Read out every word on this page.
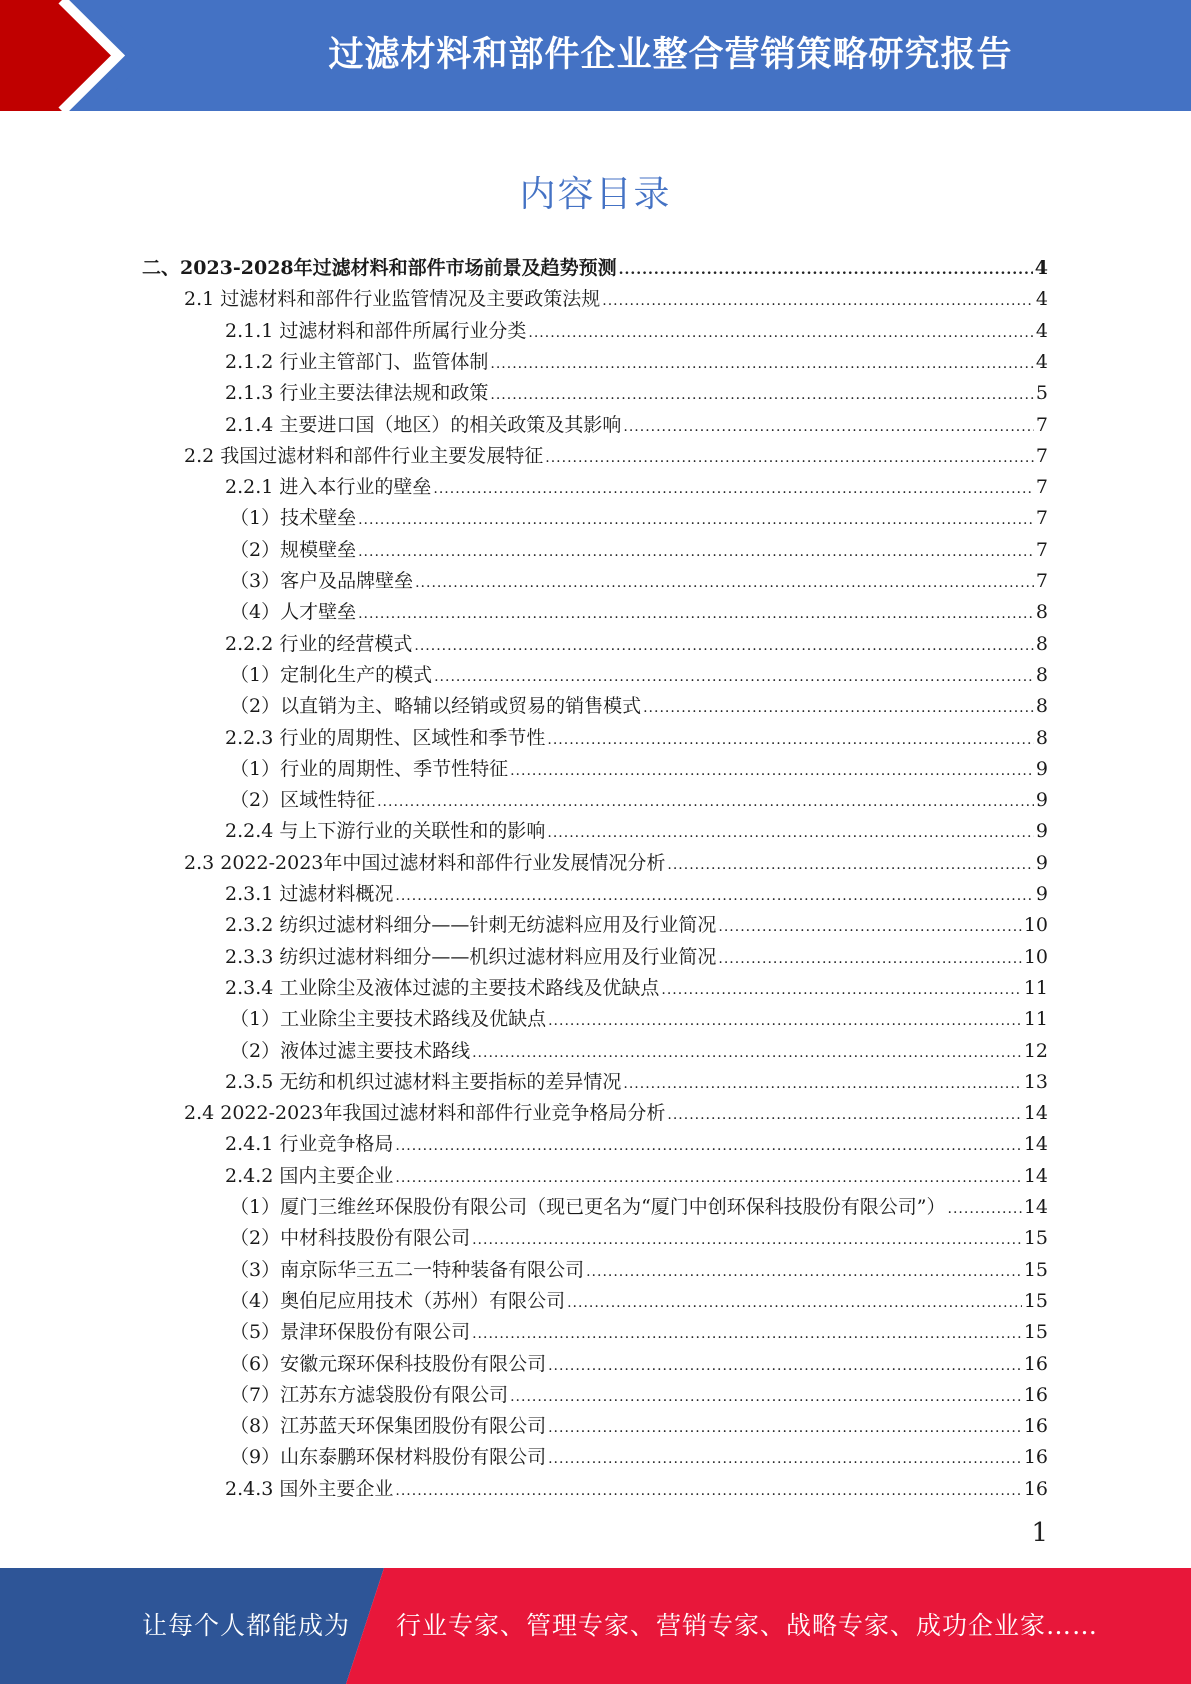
过滤材料和部件企业整合营销策略研究报告
内容目录
二、2023-2028年过滤材料和部件市场前景及趋势预测 .....	4
2.1 过滤材料和部件行业监管情况及主要政策法规 .....	4
2.1.1 过滤材料和部件所属行业分类 .....	4
2.1.2 行业主管部门、监管体制 .....	4
2.1.3 行业主要法律法规和政策 .....	5
2.1.4 主要进口国（地区）的相关政策及其影响 .....	7
2.2 我国过滤材料和部件行业主要发展特征 .....	7
2.2.1 进入本行业的壁垒 .....	7
（1）技术壁垒 .....	7
（2）规模壁垒 .....	7
（3）客户及品牌壁垒 .....	7
（4）人才壁垒 .....	8
2.2.2 行业的经营模式 .....	8
（1）定制化生产的模式 .....	8
（2）以直销为主、略辅以经销或贸易的销售模式 .....	8
2.2.3 行业的周期性、区域性和季节性 .....	8
（1）行业的周期性、季节性特征 .....	9
（2）区域性特征 .....	9
2.2.4 与上下游行业的关联性和的影响 .....	9
2.3 2022-2023年中国过滤材料和部件行业发展情况分析 .....	9
2.3.1 过滤材料概况 .....	9
2.3.2 纺织过滤材料细分——针刺无纺滤料应用及行业简况 .....	10
2.3.3 纺织过滤材料细分——机织过滤材料应用及行业简况 .....	10
2.3.4 工业除尘及液体过滤的主要技术路线及优缺点 .....	11
（1）工业除尘主要技术路线及优缺点 .....	11
（2）液体过滤主要技术路线 .....	12
2.3.5 无纺和机织过滤材料主要指标的差异情况 .....	13
2.4 2022-2023年我国过滤材料和部件行业竞争格局分析 .....	14
2.4.1 行业竞争格局 .....	14
2.4.2 国内主要企业 .....	14
（1）厦门三维丝环保股份有限公司（现已更名为“厦门中创环保科技股份有限公司”） .....	14
（2）中材科技股份有限公司 .....	15
（3）南京际华三五二一特种装备有限公司 .....	15
（4）奥伯尼应用技术（苏州）有限公司 .....	15
（5）景津环保股份有限公司 .....	15
（6）安徽元琛环保科技股份有限公司 .....	16
（7）江苏东方滤袋股份有限公司 .....	16
（8）江苏蓝天环保集团股份有限公司 .....	16
（9）山东泰鹏环保材料股份有限公司 .....	16
2.4.3 国外主要企业 .....	16
1
让每个人都能成为 行业专家、管理专家、营销专家、战略专家、成功企业家……
